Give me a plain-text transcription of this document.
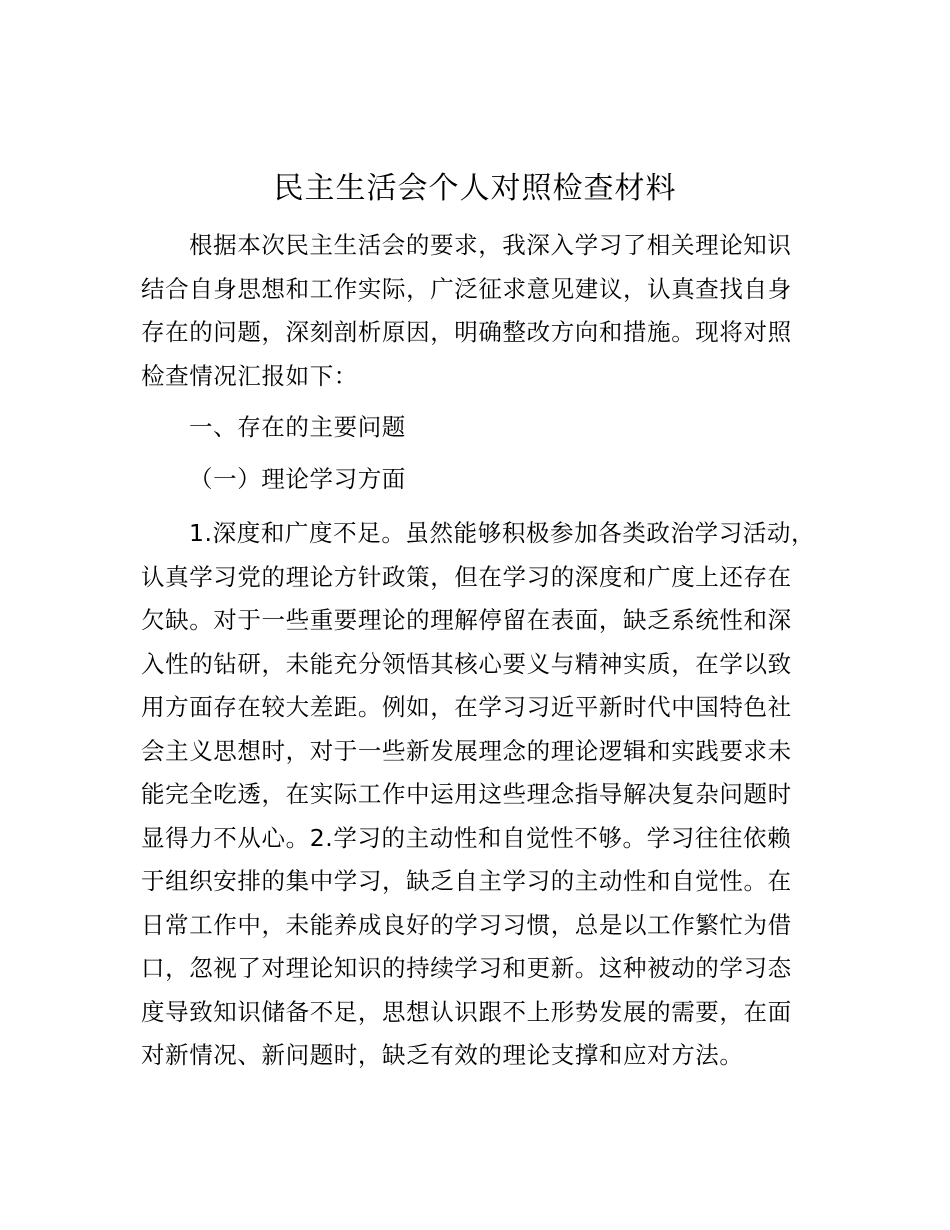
民主生活会个人对照检查材料
根据本次民主生活会的要求，我深入学习了相关理论知识
结合自身思想和工作实际，广泛征求意见建议，认真查找自身
存在的问题，深刻剖析原因，明确整改方向和措施。现将对照
检查情况汇报如下：
一、存在的主要问题
（一）理论学习方面
1.深度和广度不足。虽然能够积极参加各类政治学习活动，
认真学习党的理论方针政策，但在学习的深度和广度上还存在
欠缺。对于一些重要理论的理解停留在表面，缺乏系统性和深
入性的钻研，未能充分领悟其核心要义与精神实质，在学以致
用方面存在较大差距。例如，在学习习近平新时代中国特色社
会主义思想时，对于一些新发展理念的理论逻辑和实践要求未
能完全吃透，在实际工作中运用这些理念指导解决复杂问题时
显得力不从心。2.学习的主动性和自觉性不够。学习往往依赖
于组织安排的集中学习，缺乏自主学习的主动性和自觉性。在
日常工作中，未能养成良好的学习习惯，总是以工作繁忙为借
口，忽视了对理论知识的持续学习和更新。这种被动的学习态
度导致知识储备不足，思想认识跟不上形势发展的需要，在面
对新情况、新问题时，缺乏有效的理论支撑和应对方法。
